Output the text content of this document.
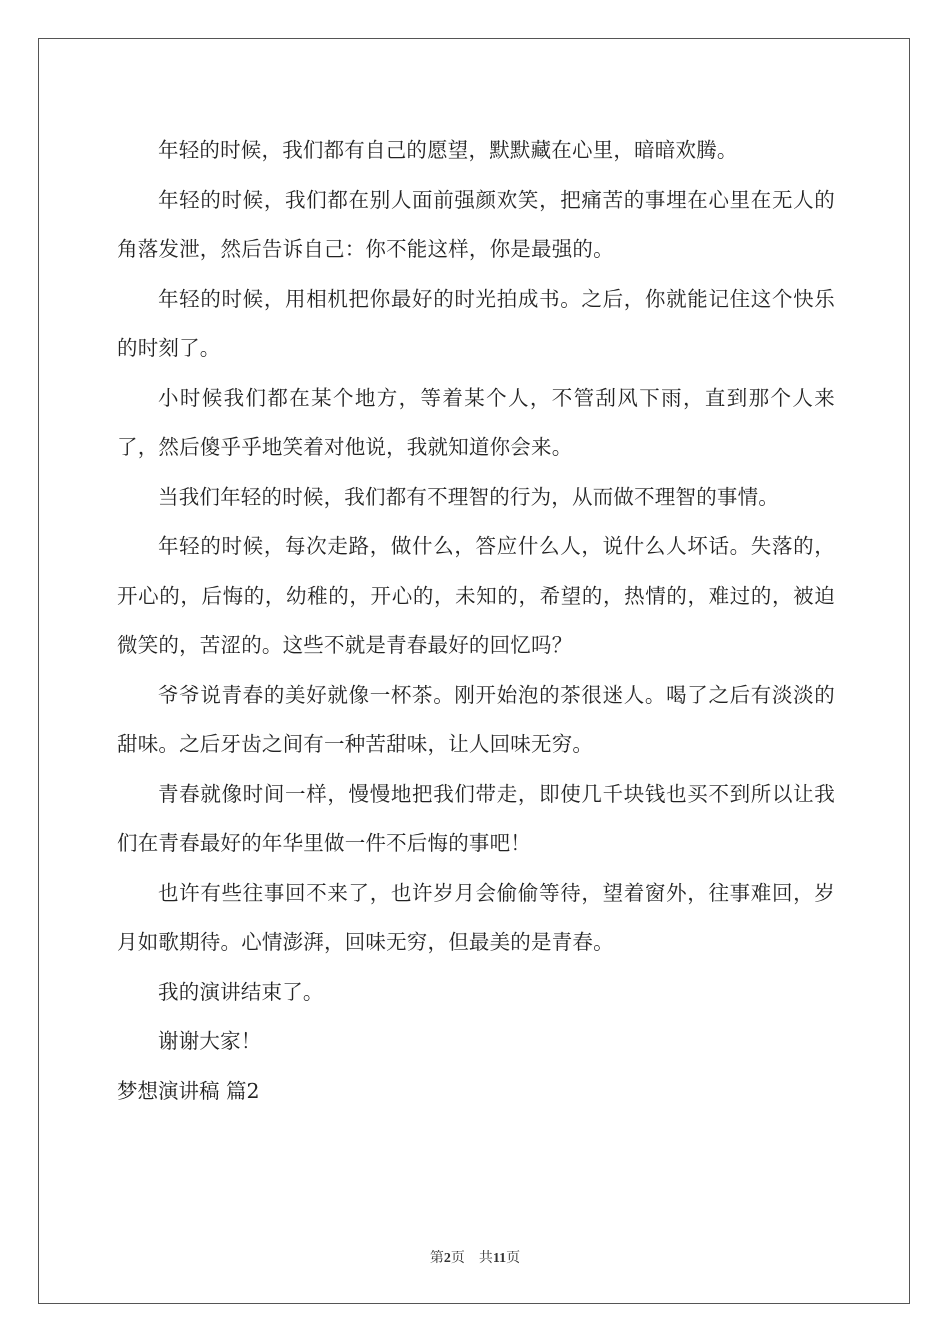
年轻的时候，我们都有自己的愿望，默默藏在心里，暗暗欢腾。

年轻的时候，我们都在别人面前强颜欢笑，把痛苦的事埋在心里在无人的角落发泄，然后告诉自己：你不能这样，你是最强的。

年轻的时候，用相机把你最好的时光拍成书。之后，你就能记住这个快乐的时刻了。

小时候我们都在某个地方，等着某个人，不管刮风下雨，直到那个人来了，然后傻乎乎地笑着对他说，我就知道你会来。

当我们年轻的时候，我们都有不理智的行为，从而做不理智的事情。

年轻的时候，每次走路，做什么，答应什么人，说什么人坏话。失落的，开心的，后悔的，幼稚的，开心的，未知的，希望的，热情的，难过的，被迫微笑的，苦涩的。这些不就是青春最好的回忆吗？

爷爷说青春的美好就像一杯茶。刚开始泡的茶很迷人。喝了之后有淡淡的甜味。之后牙齿之间有一种苦甜味，让人回味无穷。

青春就像时间一样，慢慢地把我们带走，即使几千块钱也买不到所以让我们在青春最好的年华里做一件不后悔的事吧！

也许有些往事回不来了，也许岁月会偷偷等待，望着窗外，往事难回，岁月如歌期待。心情澎湃，回味无穷，但最美的是青春。

我的演讲结束了。

谢谢大家！

梦想演讲稿 篇2

第2页 共11页
